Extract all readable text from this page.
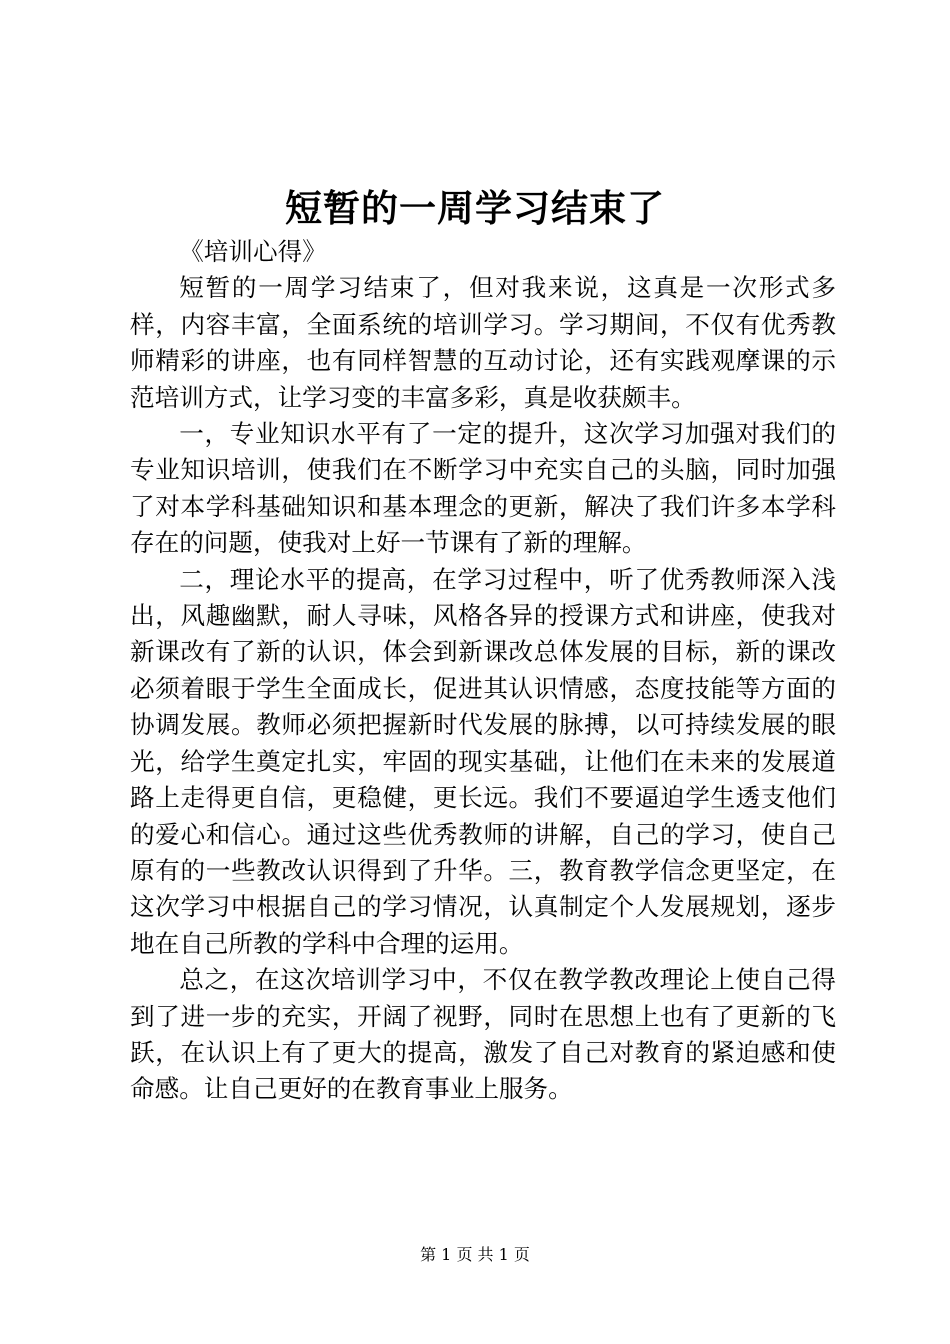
短暂的一周学习结束了

《培训心得》

短暂的一周学习结束了，但对我来说，这真是一次形式多样，内容丰富，全面系统的培训学习。学习期间，不仅有优秀教师精彩的讲座，也有同样智慧的互动讨论，还有实践观摩课的示范培训方式，让学习变的丰富多彩，真是收获颇丰。

一，专业知识水平有了一定的提升，这次学习加强对我们的专业知识培训，使我们在不断学习中充实自己的头脑，同时加强了对本学科基础知识和基本理念的更新，解决了我们许多本学科存在的问题，使我对上好一节课有了新的理解。

二，理论水平的提高，在学习过程中，听了优秀教师深入浅出，风趣幽默，耐人寻味，风格各异的授课方式和讲座，使我对新课改有了新的认识，体会到新课改总体发展的目标，新的课改必须着眼于学生全面成长，促进其认识情感，态度技能等方面的协调发展。教师必须把握新时代发展的脉搏，以可持续发展的眼光，给学生奠定扎实，牢固的现实基础，让他们在未来的发展道路上走得更自信，更稳健，更长远。我们不要逼迫学生透支他们的爱心和信心。通过这些优秀教师的讲解，自己的学习，使自己原有的一些教改认识得到了升华。三，教育教学信念更坚定，在这次学习中根据自己的学习情况，认真制定个人发展规划，逐步地在自己所教的学科中合理的运用。

总之，在这次培训学习中，不仅在教学教改理论上使自己得到了进一步的充实，开阔了视野，同时在思想上也有了更新的飞跃，在认识上有了更大的提高，激发了自己对教育的紧迫感和使命感。让自己更好的在教育事业上服务。

第 1 页 共 1 页
